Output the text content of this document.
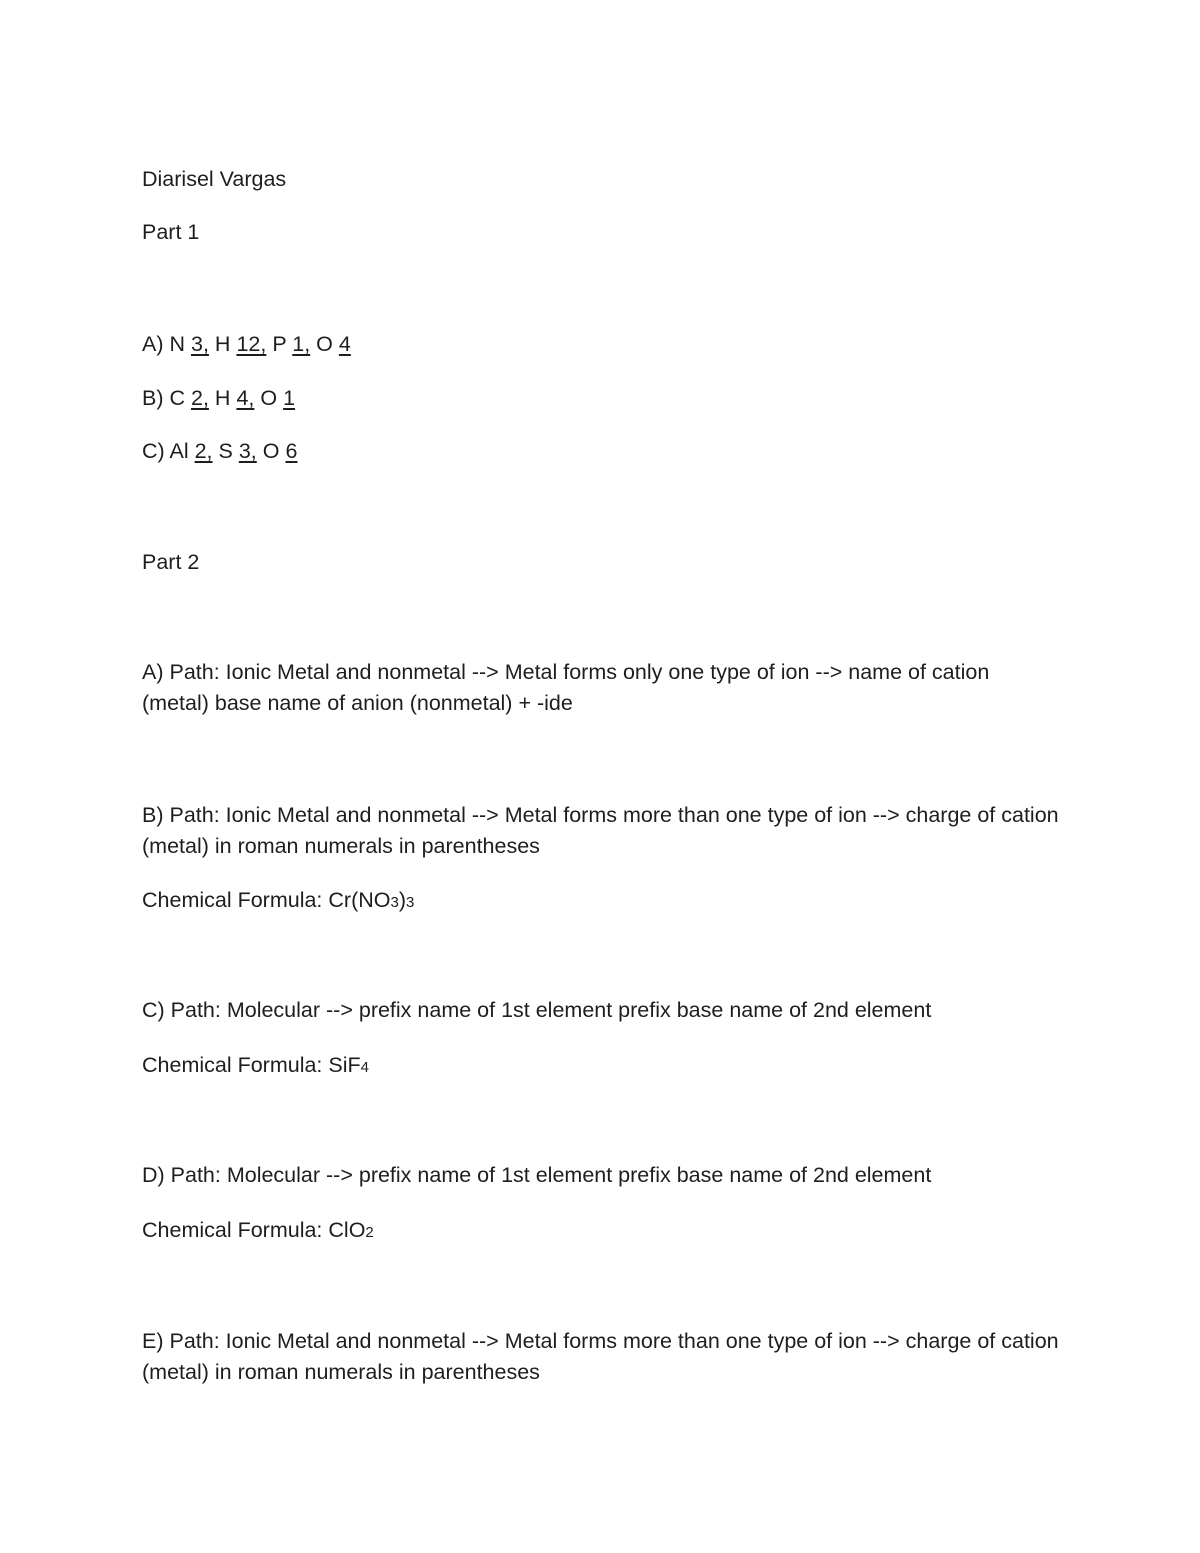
Diarisel Vargas
Part 1
A) N 3, H 12, P 1, O 4
B) C 2, H 4, O 1
C) Al 2, S 3, O 6
Part 2
A) Path: Ionic Metal and nonmetal --> Metal forms only one type of ion --> name of cation (metal) base name of anion (nonmetal) + -ide
B) Path: Ionic Metal and nonmetal --> Metal forms more than one type of ion --> charge of cation (metal) in roman numerals in parentheses
Chemical Formula: Cr(NO3)3
C) Path: Molecular --> prefix name of 1st element prefix base name of 2nd element
Chemical Formula: SiF4
D) Path: Molecular --> prefix name of 1st element prefix base name of 2nd element
Chemical Formula: ClO2
E) Path: Ionic Metal and nonmetal --> Metal forms more than one type of ion --> charge of cation (metal) in roman numerals in parentheses
